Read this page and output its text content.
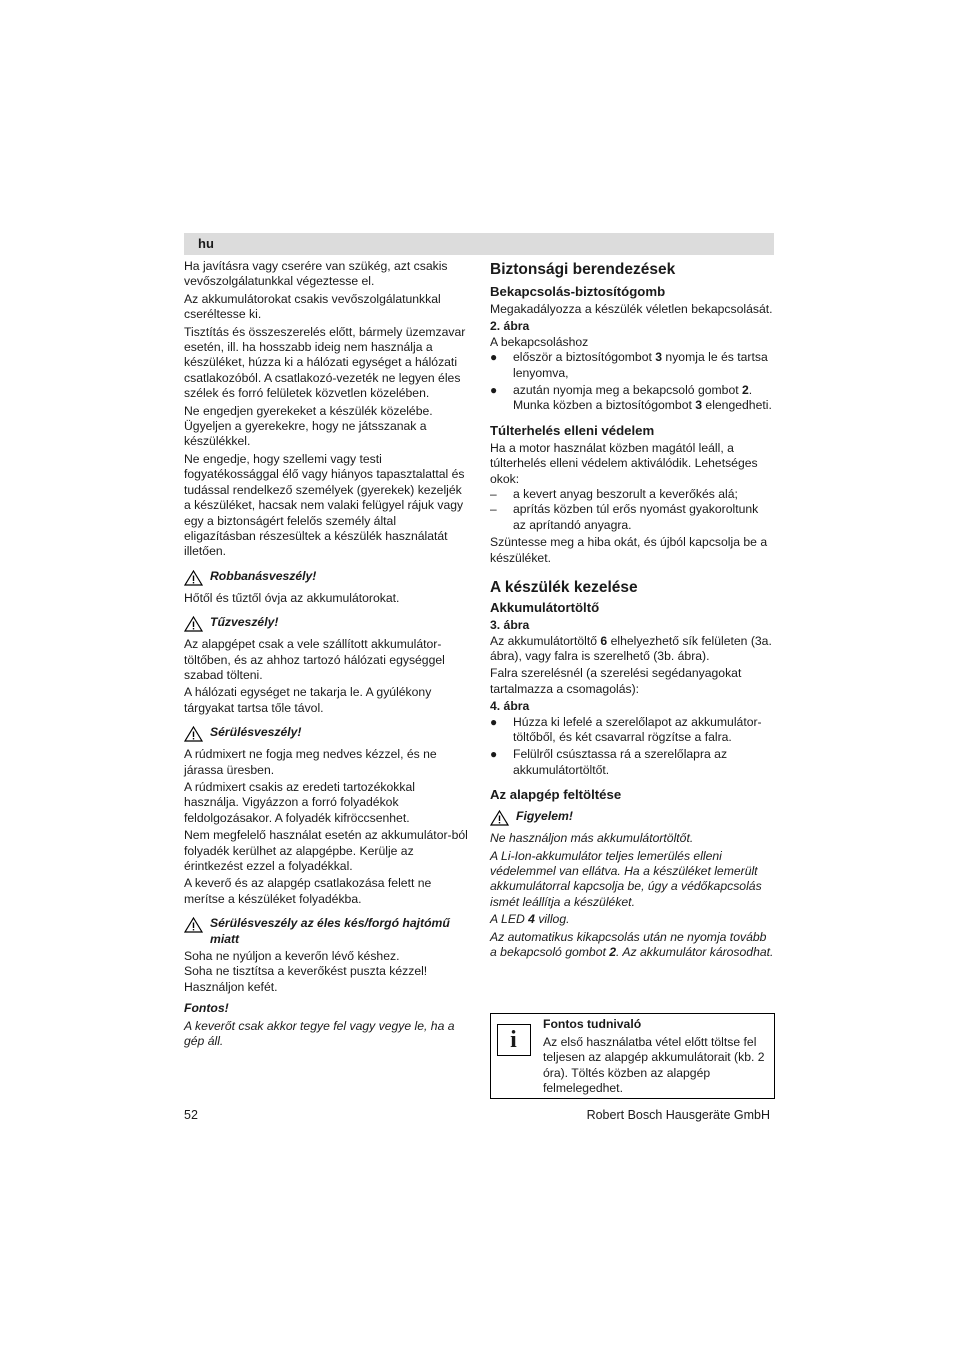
hu
Ha javításra vagy cserére van szükég, azt csakis vevőszolgálatunkkal végeztesse el.
Az akkumulátorokat csakis vevőszolgálatunkkal cseréltesse ki.
Tisztítás és összeszerelés előtt, bármely üzemzavar esetén, ill. ha hosszabb ideig nem használja a készüléket, húzza ki a hálózati egységet a hálózati csatlakozóból. A csatlakozó-vezeték ne legyen éles szélek és forró felületek közvetlen közelében.
Ne engedjen gyerekeket a készülék közelébe. Ügyeljen a gyerekekre, hogy ne játsszanak a készülékkel.
Ne engedje, hogy szellemi vagy testi fogyatékossággal élő vagy hiányos tapasztalattal és tudással rendelkező személyek (gyerekek) kezeljék a készüléket, hacsak nem valaki felügyel rájuk vagy egy a biztonságért felelős személy által eligazításban részesültek a készülék használatát illetően.
Robbanásveszély!
Hőtől és tűztől óvja az akkumulátorokat.
Tűzveszély!
Az alapgépet csak a vele szállított akkumulátor-töltőben, és az ahhoz tartozó hálózati egységgel szabad tölteni.
A hálózati egységet ne takarja le. A gyúlékony tárgyakat tartsa tőle távol.
Sérülésveszély!
A rúdmixert ne fogja meg nedves kézzel, és ne járassa üresben.
A rúdmixert csakis az eredeti tartozékokkal használja. Vigyázzon a forró folyadékok feldolgozásakor. A folyadék kifröccsenhet.
Nem megfelelő használat esetén az akkumulátor-ból folyadék kerülhet az alapgépbe. Kerülje az érintkezést ezzel a folyadékkal.
A keverő és az alapgép csatlakozása felett ne merítse a készüléket folyadékba.
Sérülésveszély az éles kés/forgó hajtómű miatt
Soha ne nyúljon a keverőn lévő késhez.
Soha ne tisztítsa a keverőkést puszta kézzel! Használjon kefét.
Fontos!
A keverőt csak akkor tegye fel vagy vegye le, ha a gép áll.
Biztonsági berendezések
Bekapcsolás-biztosítógomb
Megakadályozza a készülék véletlen bekapcsolását.
2. ábra
A bekapcsoláshoz
●	először a biztosítógombot 3 nyomja le és tartsa lenyomva,
●	azután nyomja meg a bekapcsoló gombot 2. Munka közben a biztosítógombot 3 elengedheti.
Túlterhelés elleni védelem
Ha a motor használat közben magától leáll, a túlterhelés elleni védelem aktiválódik. Lehetséges okok:
–	a kevert anyag beszorult a keverőkés alá;
–	aprítás közben túl erős nyomást gyakoroltunk az aprítandó anyagra.
Szüntesse meg a hiba okát, és újból kapcsolja be a készüléket.
A készülék kezelése
Akkumulátortöltő
3. ábra
Az akkumulátortöltő 6 elhelyezhető sík felületen (3a. ábra), vagy falra is szerelhető (3b. ábra).
Falra szerelésnél (a szerelési segédanyagokat tartalmazza a csomagolás):
4. ábra
●	Húzza ki lefelé a szerelőlapot az akkumulátor-töltőből, és két csavarral rögzítse a falra.
●	Felülről csúsztassa rá a szerelőlapra az akkumulátortöltőt.
Az alapgép feltöltése
Figyelem!
Ne használjon más akkumulátortöltőt.
A Li-Ion-akkumulátor teljes lemerülés elleni védelemmel van ellátva. Ha a készüléket lemerült akkumulátorral kapcsolja be, úgy a védőkapcsolás ismét leállítja a készüléket.
A LED 4 villog.
Az automatikus kikapcsolás után ne nyomja tovább a bekapcsoló gombot 2. Az akkumulátor károsodhat.
i
Fontos tudnivaló
Az első használatba vétel előtt töltse fel teljesen az alapgép akkumulátorait (kb. 2 óra). Töltés közben az alapgép felmelegedhet.
52	Robert Bosch Hausgeräte GmbH
